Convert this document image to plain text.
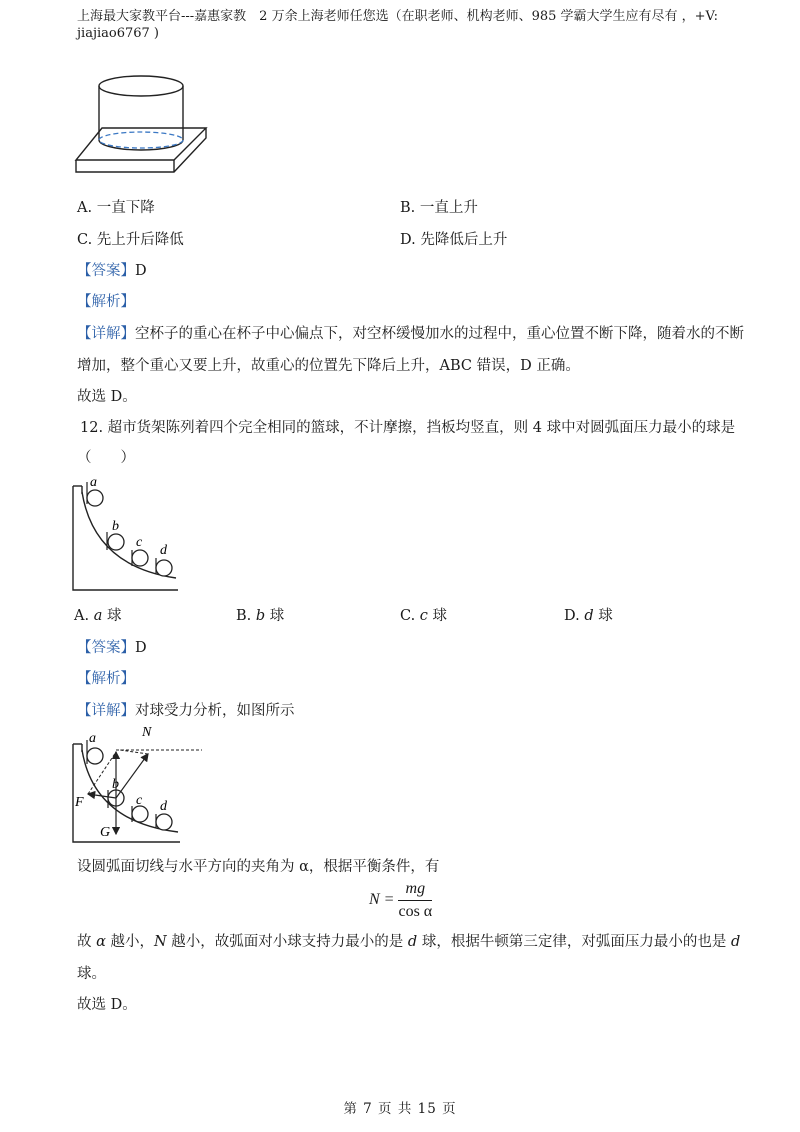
上海最大家教平台---嘉惠家教　2 万余上海老师任您选（在职老师、机构老师、985 学霸大学生应有尽有 ，+V: jiajiao6767 )
A. 一直下降	B. 一直上升
C. 先上升后降低	D. 先降低后上升
【答案】D
【解析】
【详解】空杯子的重心在杯子中心偏点下，对空杯缓慢加水的过程中，重心位置不断下降，随着水的不断
增加，整个重心又要上升，故重心的位置先下降后上升，ABC 错误，D 正确。
故选 D。
12. 超市货架陈列着四个完全相同的篮球，不计摩擦，挡板均竖直，则 4 球中对圆弧面压力最小的球是
（　　）
a
b
c
d
A. a 球	B. b 球	C. c 球	D. d 球
【答案】D
【解析】
【详解】对球受力分析，如图所示
a
b
c d
N
F
G
设圆弧面切线与水平方向的夹角为 α，根据平衡条件，有
$N = \frac{mg}{\text{cos α}}$
故 α 越小，N 越小，故弧面对小球支持力最小的是 d 球，根据牛顿第三定律，对弧面压力最小的也是 d
球。
故选 D。
第 7 页 共 15 页
